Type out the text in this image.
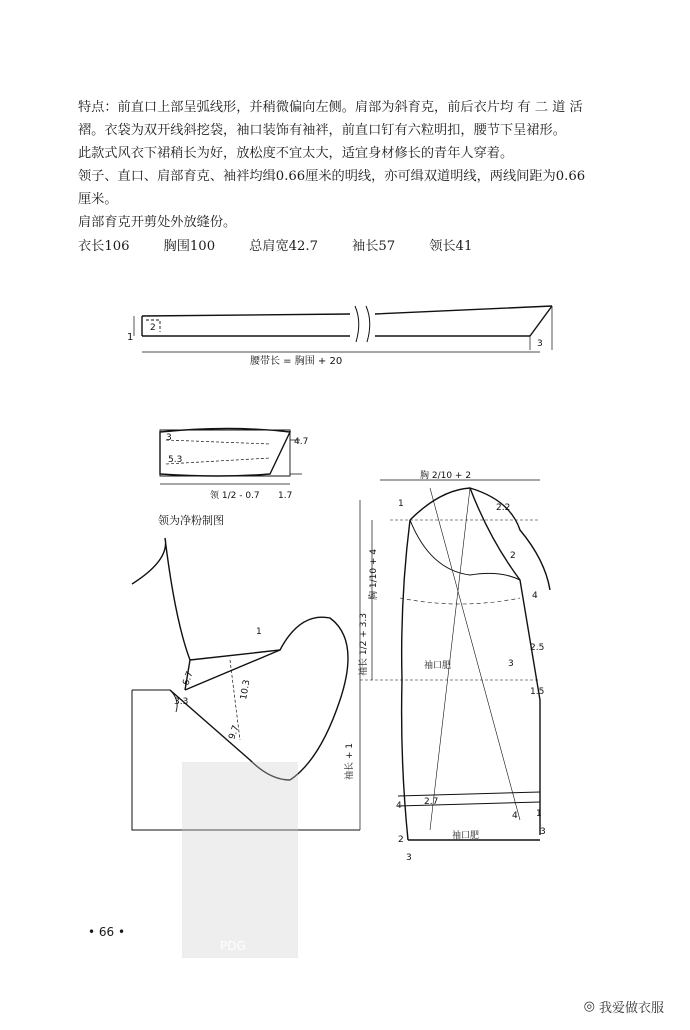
特点：前直口上部呈弧线形，并稍微偏向左侧。肩部为斜育克，前后衣片均 有 二 道 活褶。衣袋为双开线斜挖袋，袖口装饰有袖袢，前直口钉有六粒明扣，腰节下呈裙形。

此款式风衣下裙稍长为好，放松度不宜太大，适宜身材修长的青年人穿着。

领子、直口、肩部育克、袖袢均缉0.66厘米的明线，亦可缉双道明线，两线间距为0.66厘米。

肩部育克开剪处外放缝份。

衣长106	胸围100	总肩宽42.7	袖长57	领长41
1
2
3
腰带长 = 胸围 + 20
3
5.3
4.7
1.7
领 1/2 - 0.7
领为净粉制图
1
6.7
10.3
3.3
9.7
胸 2/10 + 2
胸 1/10 + 4
袖长 1/2 + 3.3
袖长 + 1
袖口肥
袖口肥
1	2.2
2
4
3
2.5
1.5
4 2.7
4 1
3
2
3
PDG
• 66 •
◎ 我爱做衣服
